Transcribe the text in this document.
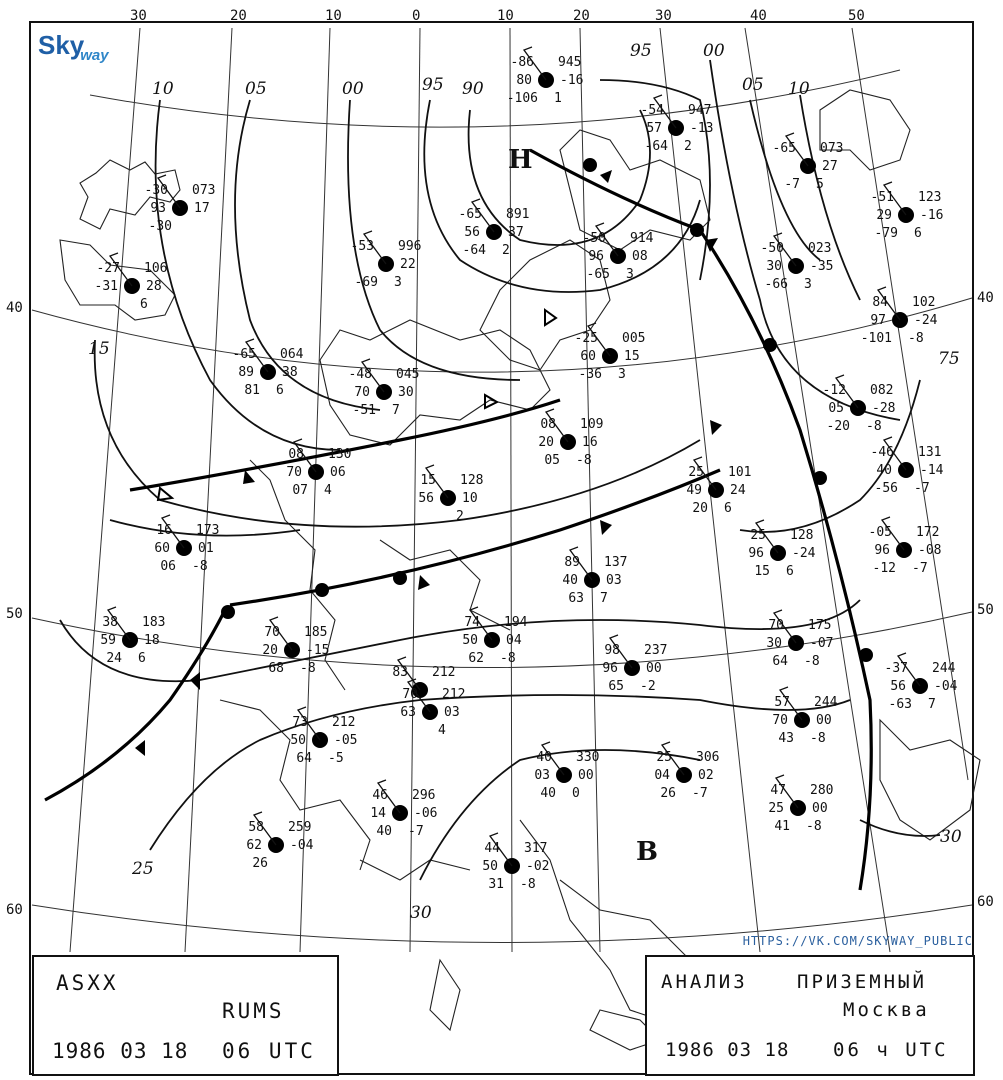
30	20	10	0	10	20	30	40	50
40
50
60
40
50
60
10	05	00	95 90
95	00
05 10
15	75
25
30
30
H
B
-86 945
80 -16
-106 1
-54 947
57 -13
-64 2	-65 073
27
-7 5
-30 073
93 17
-30
-51 123
29 -16
-79 6
-65 891
56 37
-64 2
-53 996
22
-69 3
-50 914
96 08
-65 3
-50 023
30 -35
-66 3
-27 106
-31 28
6	84 102
97 -24
-101 -8
-25 005
60 15
-36 3
-65 064
89 38
81 6
-48 045
70 30
-51 7
-12 082
05 -28
-20 -8
08 109
20 16
05 -8
08 130
70 06
07 4
-46 131
40 -14
-56 -7
25 101
49 24
20 6
15 128
56 10
2
25 128
96 -24
15 6
16 173
60 01
06 -8
-05 172
96 -08
-12 -7
89 137
40 03
63 7
38 183
59 18
24 6
70 185
20 -15
68 -8
74 194
50 04
62 -8
70 175
30 -07
64 -8
98 237
96 00
65 -2
83 212	-37 244
56 -04
-63 7
70 212
63 03
4
73 212
50 -05
64 -5
57 244
70 00
43 -8
40 330
03 00
40 0
25 306
04 02
26 -7
46 296
14 -06
40 -7
47 280
25 00
41 -8
58 259
62 -04
26
44 317
50 -02
31 -8
Skyway
HTTPS://VK.COM/SKYWAY_PUBLIC
ASXX
RUMS
1986 03 18 06 UTC
АНАЛИЗ	ПРИЗЕМНЫЙ
Москва
1986 03 18 06 ч UTC
